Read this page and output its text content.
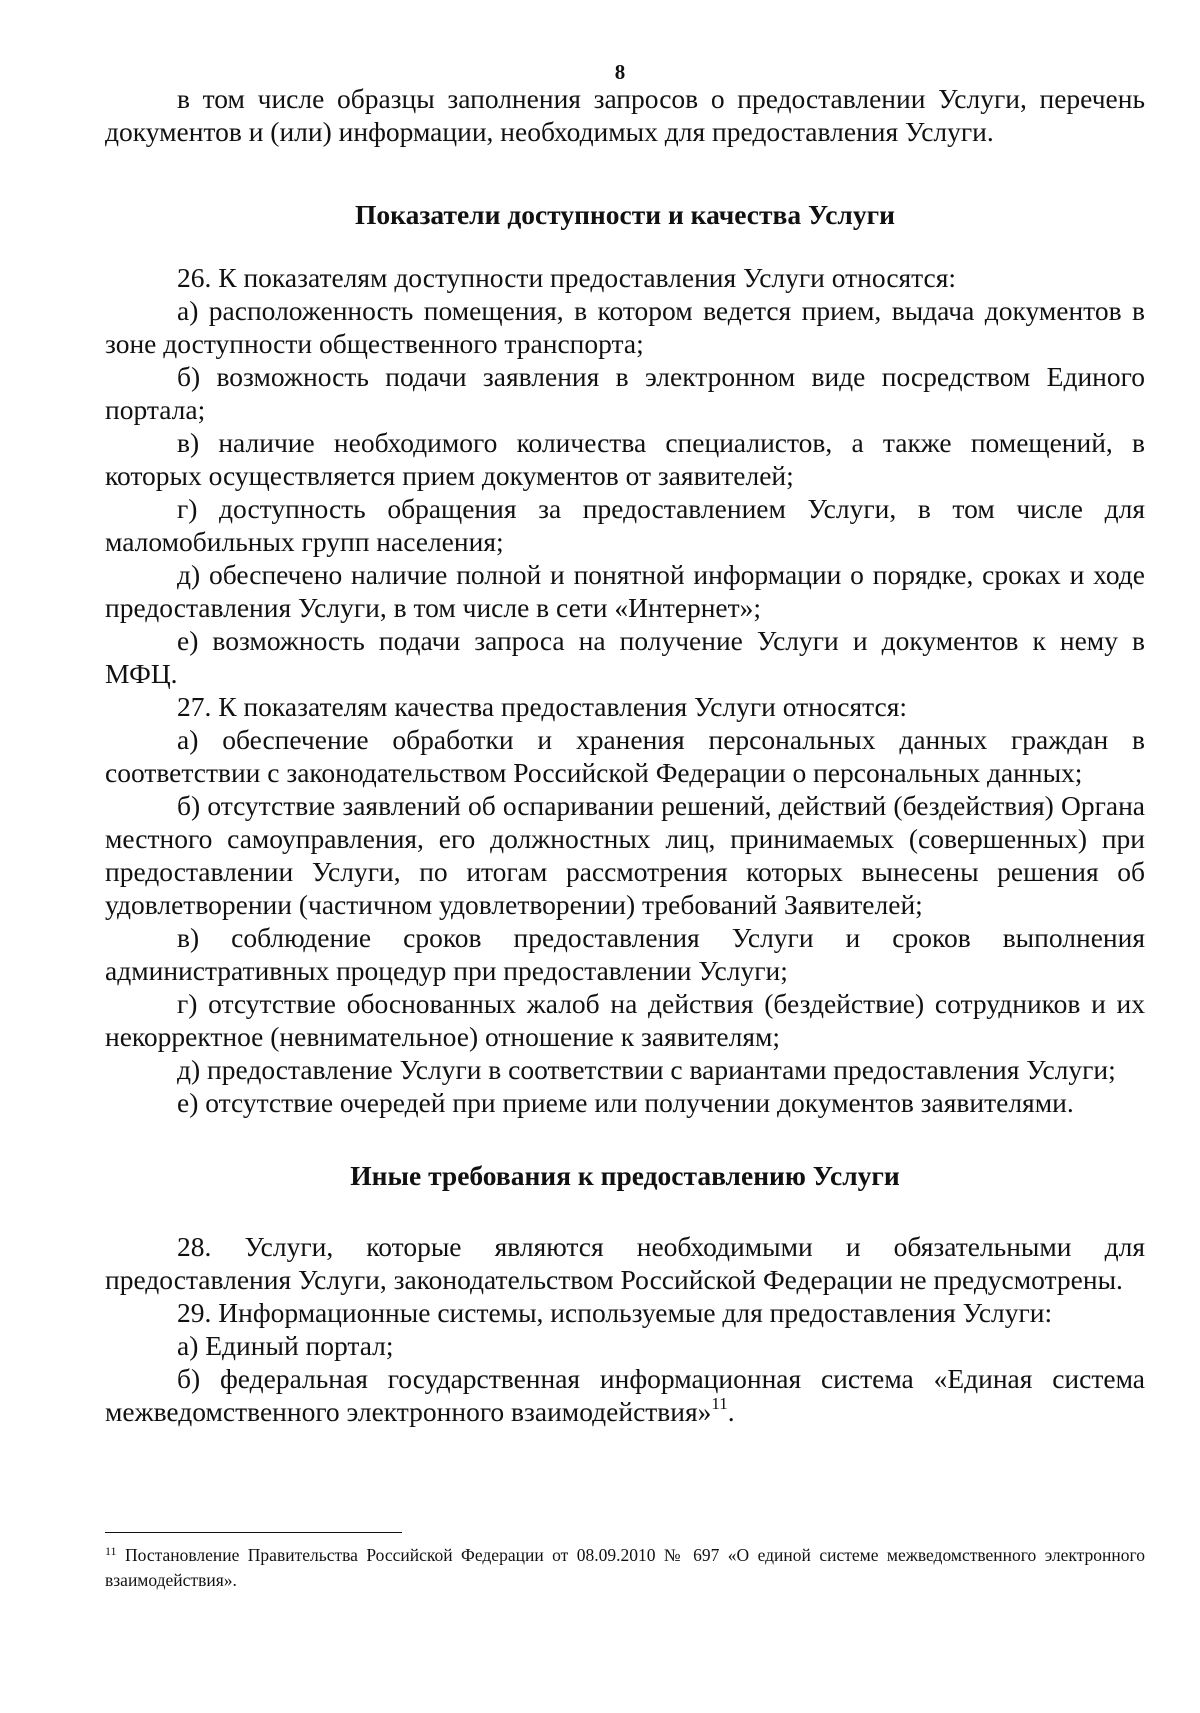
8

в том числе образцы заполнения запросов о предоставлении Услуги, перечень документов и (или) информации, необходимых для предоставления Услуги.

Показатели доступности и качества Услуги

26. К показателям доступности предоставления Услуги относятся:

а) расположенность помещения, в котором ведется прием, выдача документов в зоне доступности общественного транспорта;

б) возможность подачи заявления в электронном виде посредством Единого портала;

в) наличие необходимого количества специалистов, а также помещений, в которых осуществляется прием документов от заявителей;

г) доступность обращения за предоставлением Услуги, в том числе для маломобильных групп населения;

д) обеспечено наличие полной и понятной информации о порядке, сроках и ходе предоставления Услуги, в том числе в сети «Интернет»;

е) возможность подачи запроса на получение Услуги и документов к нему в МФЦ.

27. К показателям качества предоставления Услуги относятся:

а) обеспечение обработки и хранения персональных данных граждан в соответствии с законодательством Российской Федерации о персональных данных;

б) отсутствие заявлений об оспаривании решений, действий (бездействия) Органа местного самоуправления, его должностных лиц, принимаемых (совершенных) при предоставлении Услуги, по итогам рассмотрения которых вынесены решения об удовлетворении (частичном удовлетворении) требований Заявителей;

в) соблюдение сроков предоставления Услуги и сроков выполнения административных процедур при предоставлении Услуги;

г) отсутствие обоснованных жалоб на действия (бездействие) сотрудников и их некорректное (невнимательное) отношение к заявителям;

д) предоставление Услуги в соответствии с вариантами предоставления Услуги;

е) отсутствие очередей при приеме или получении документов заявителями.

Иные требования к предоставлению Услуги

28. Услуги, которые являются необходимыми и обязательными для предоставления Услуги, законодательством Российской Федерации не предусмотрены.

29. Информационные системы, используемые для предоставления Услуги:

а) Единый портал;

б) федеральная государственная информационная система «Единая система межведомственного электронного взаимодействия»$^{11}$.

$^{11}$ Постановление Правительства Российской Федерации от 08.09.2010 № 697 «О единой системе межведомственного электронного взаимодействия».
